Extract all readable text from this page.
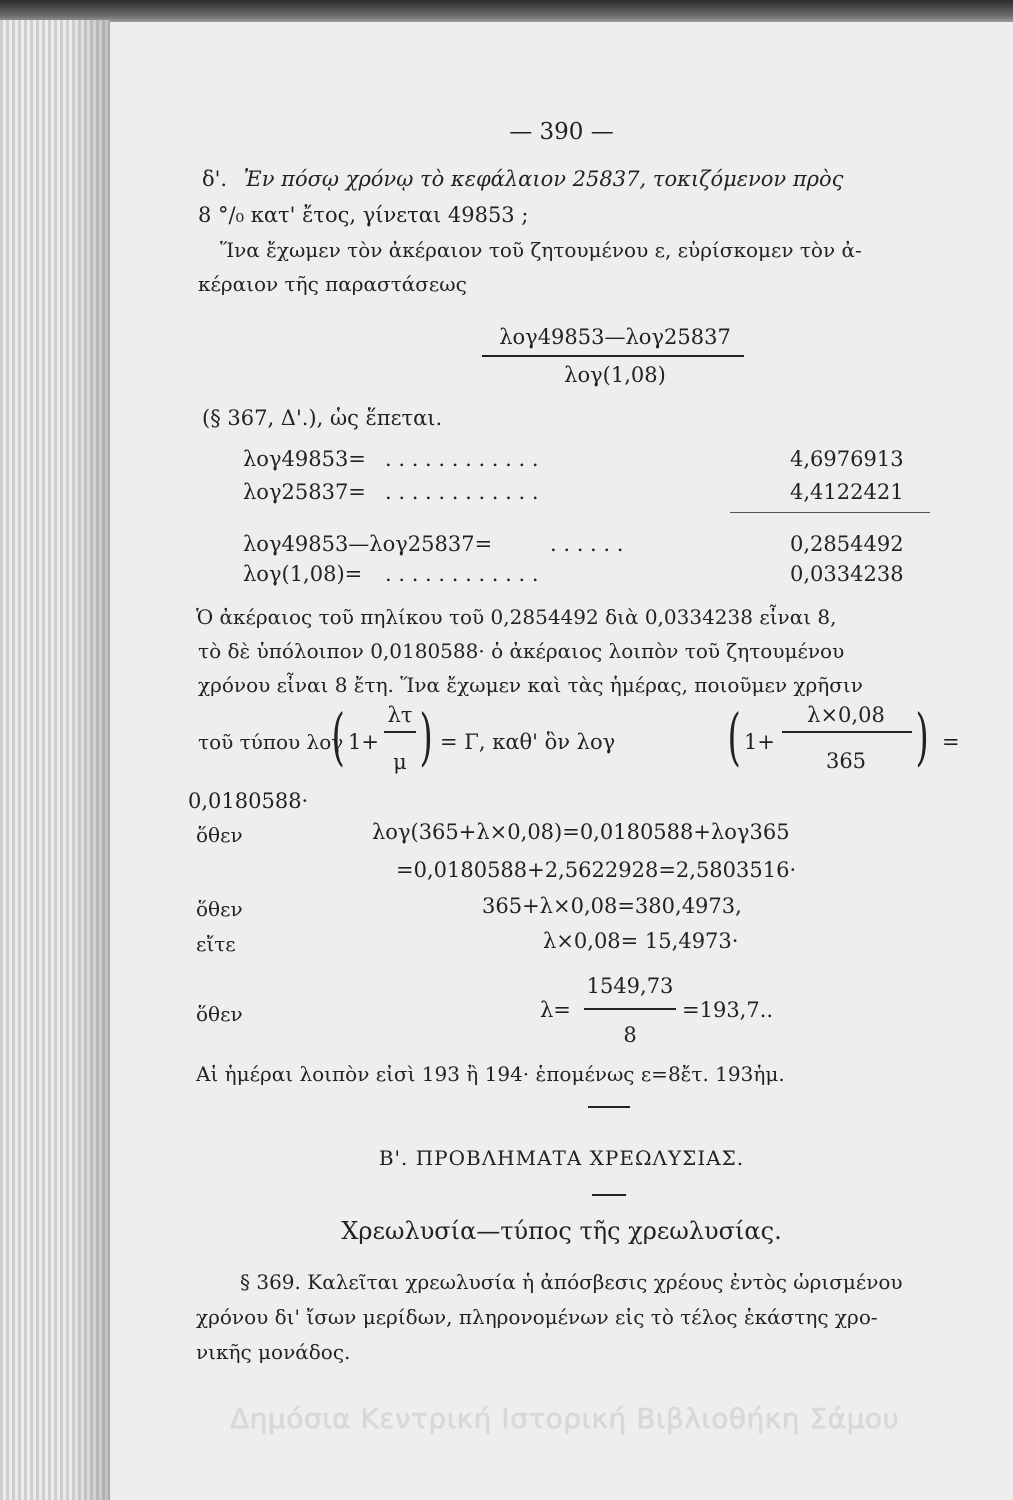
— 390 —
δ'. Ἐν πόσῳ χρόνῳ τὸ κεφάλαιον 25837, τοκιζόμενον πρὸς
8 °/₀ κατ' ἔτος, γίνεται 49853 ;
Ἵνα ἔχωμεν τὸν ἀκέραιον τοῦ ζητουμένου ε, εὑρίσκομεν τὸν ἀ-
κέραιον τῆς παραστάσεως
λογ49853—λογ25837
λογ(1,08)
(§ 367, Δ'.), ὡς ἕπεται.
λογ49853= . . . . . . . . . . . .	4,6976913
λογ25837= . . . . . . . . . . . .	4,4122421
λογ49853—λογ25837=	. . . . . .	0,2854492
λογ(1,08)= . . . . . . . . . . . .	0,0334238
Ὁ ἀκέραιος τοῦ πηλίκου τοῦ 0,2854492 διὰ 0,0334238 εἶναι 8,
τὸ δὲ ὑπόλοιπον 0,0180588· ὁ ἀκέραιος λοιπὸν τοῦ ζητουμένου
χρόνου εἶναι 8 ἔτη. Ἵνα ἔχωμεν καὶ τὰς ἡμέρας, ποιοῦμεν χρῆσιν
τοῦ τύπου λογ
( 1+
λτ
μ ) = Γ, καθ' ὃν λογ ( 1+
λ×0,08
365 ) =
0,0180588·
ὅθεν	λογ(365+λ×0,08)=0,0180588+λογ365
=0,0180588+2,5622928=2,5803516·
ὅθεν	365+λ×0,08=380,4973,
εἴτε	λ×0,08= 15,4973·
ὅθεν	λ=
1549,73
8
=193,7..
Αἱ ἡμέραι λοιπὸν εἰσὶ 193 ἢ 194· ἑπομένως ε=8ἔτ. 193ἡμ.
Β'. ΠΡΟΒΛΗΜΑΤΑ ΧΡΕΩΛΥΣΙΑΣ.
Χρεωλυσία—τύπος τῆς χρεωλυσίας.
§ 369. Καλεῖται χρεωλυσία ἡ ἀπόσβεσις χρέους ἐντὸς ὡρισμένου
χρόνου δι' ἴσων μερίδων, πληρονομένων εἰς τὸ τέλος ἑκάστης χρο-
νικῆς μονάδος.
Δημόσια Κεντρική Ιστορική Βιβλιοθήκη Σάμου
